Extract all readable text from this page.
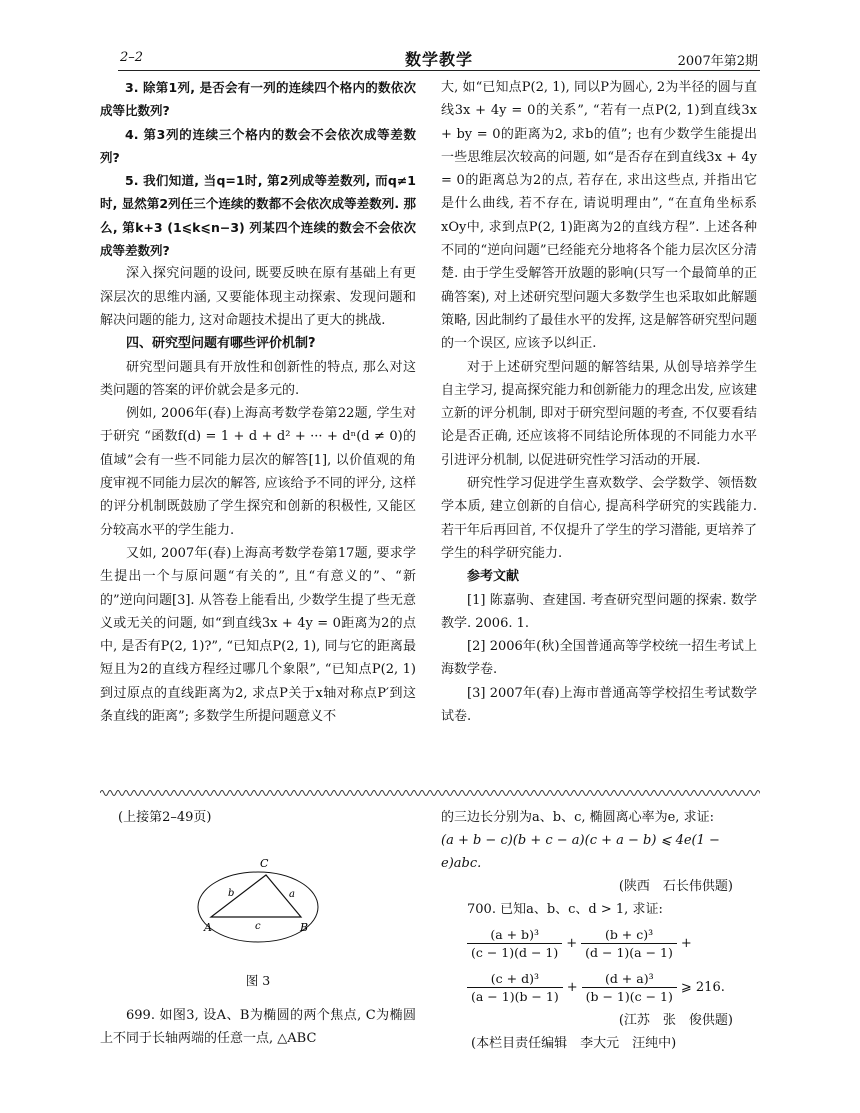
2–2	数学教学	2007年第2期

3. 除第1列, 是否会有一列的连续四个格内的数依次成等比数列?

4. 第3列的连续三个格内的数会不会依次成等差数列?

5. 我们知道, 当q=1时, 第2列成等差数列, 而q≠1时, 显然第2列任三个连续的数都不会依次成等差数列. 那么, 第k+3 (1⩽k⩽n−3) 列某四个连续的数会不会依次成等差数列?

深入探究问题的设问, 既要反映在原有基础上有更深层次的思维内涵, 又要能体现主动探索、发现问题和解决问题的能力, 这对命题技术提出了更大的挑战.

四、研究型问题有哪些评价机制?

研究型问题具有开放性和创新性的特点, 那么对这类问题的答案的评价就会是多元的.

例如, 2006年(春)上海高考数学卷第22题, 学生对于研究 “函数f(d) = 1 + d + d² + ··· + dⁿ(d ≠ 0)的值域”会有一些不同能力层次的解答[1], 以价值观的角度审视不同能力层次的解答, 应该给予不同的评分, 这样的评分机制既鼓励了学生探究和创新的积极性, 又能区分较高水平的学生能力.

又如, 2007年(春)上海高考数学卷第17题, 要求学生提出一个与原问题“有关的”, 且“有意义的”、“新的”逆向问题[3]. 从答卷上能看出, 少数学生提了些无意义或无关的问题, 如“到直线3x + 4y = 0距离为2的点中, 是否有P(2, 1)?”, “已知点P(2, 1), 同与它的距离最短且为2的直线方程经过哪几个象限”, “已知点P(2, 1)到过原点的直线距离为2, 求点P关于x轴对称点P′到这条直线的距离”; 多数学生所提问题意义不

大, 如“已知点P(2, 1), 同以P为圆心, 2为半径的圆与直线3x + 4y = 0的关系”, “若有一点P(2, 1)到直线3x + by = 0的距离为2, 求b的值”; 也有少数学生能提出一些思维层次较高的问题, 如“是否存在到直线3x + 4y = 0的距离总为2的点, 若存在, 求出这些点, 并指出它是什么曲线, 若不存在, 请说明理由”, “在直角坐标系xOy中, 求到点P(2, 1)距离为2的直线方程”. 上述各种不同的“逆向问题”已经能充分地将各个能力层次区分清楚. 由于学生受解答开放题的影响(只写一个最简单的正确答案), 对上述研究型问题大多数学生也采取如此解题策略, 因此制约了最佳水平的发挥, 这是解答研究型问题的一个误区, 应该予以纠正.

对于上述研究型问题的解答结果, 从创导培养学生自主学习, 提高探究能力和创新能力的理念出发, 应该建立新的评分机制, 即对于研究型问题的考查, 不仅要看结论是否正确, 还应该将不同结论所体现的不同能力水平引进评分机制, 以促进研究性学习活动的开展.

研究性学习促进学生喜欢数学、会学数学、领悟数学本质, 建立创新的自信心, 提高科学研究的实践能力. 若干年后再回首, 不仅提升了学生的学习潜能, 更培养了学生的科学研究能力.

参考文献

[1] 陈嘉驹、查建国. 考查研究型问题的探索. 数学教学. 2006. 1.

[2] 2006年(秋)全国普通高等学校统一招生考试上海数学卷.

[3] 2007年(春)上海市普通高等学校招生考试数学试卷.

(上接第2–49页)
C
A	B
b	a
c
图 3
699. 如图3, 设A、B为椭圆的两个焦点, C为椭圆上不同于长轴两端的任意一点, △ABC
的三边长分别为a、b、c, 椭圆离心率为e, 求证:
(a + b − c)(b + c − a)(c + a − b) ⩽ 4e(1 − e)abc.
(陕西　石长伟供题)
700. 已知a、b、c、d > 1, 求证:
$\frac{\text{(a + b)³}}{(c - 1)(d - 1)} + \frac{\text{(b + c)³}}{(d - 1)(a - 1)}$ +
$\frac{\text{(c + d)³}}{(a - 1)(b - 1)} + \frac{\text{(d + a)³}}{(b - 1)(c - 1)}$ ⩾ 216.
(江苏　张　俊供题)
(本栏目责任编辑　李大元　汪纯中)
